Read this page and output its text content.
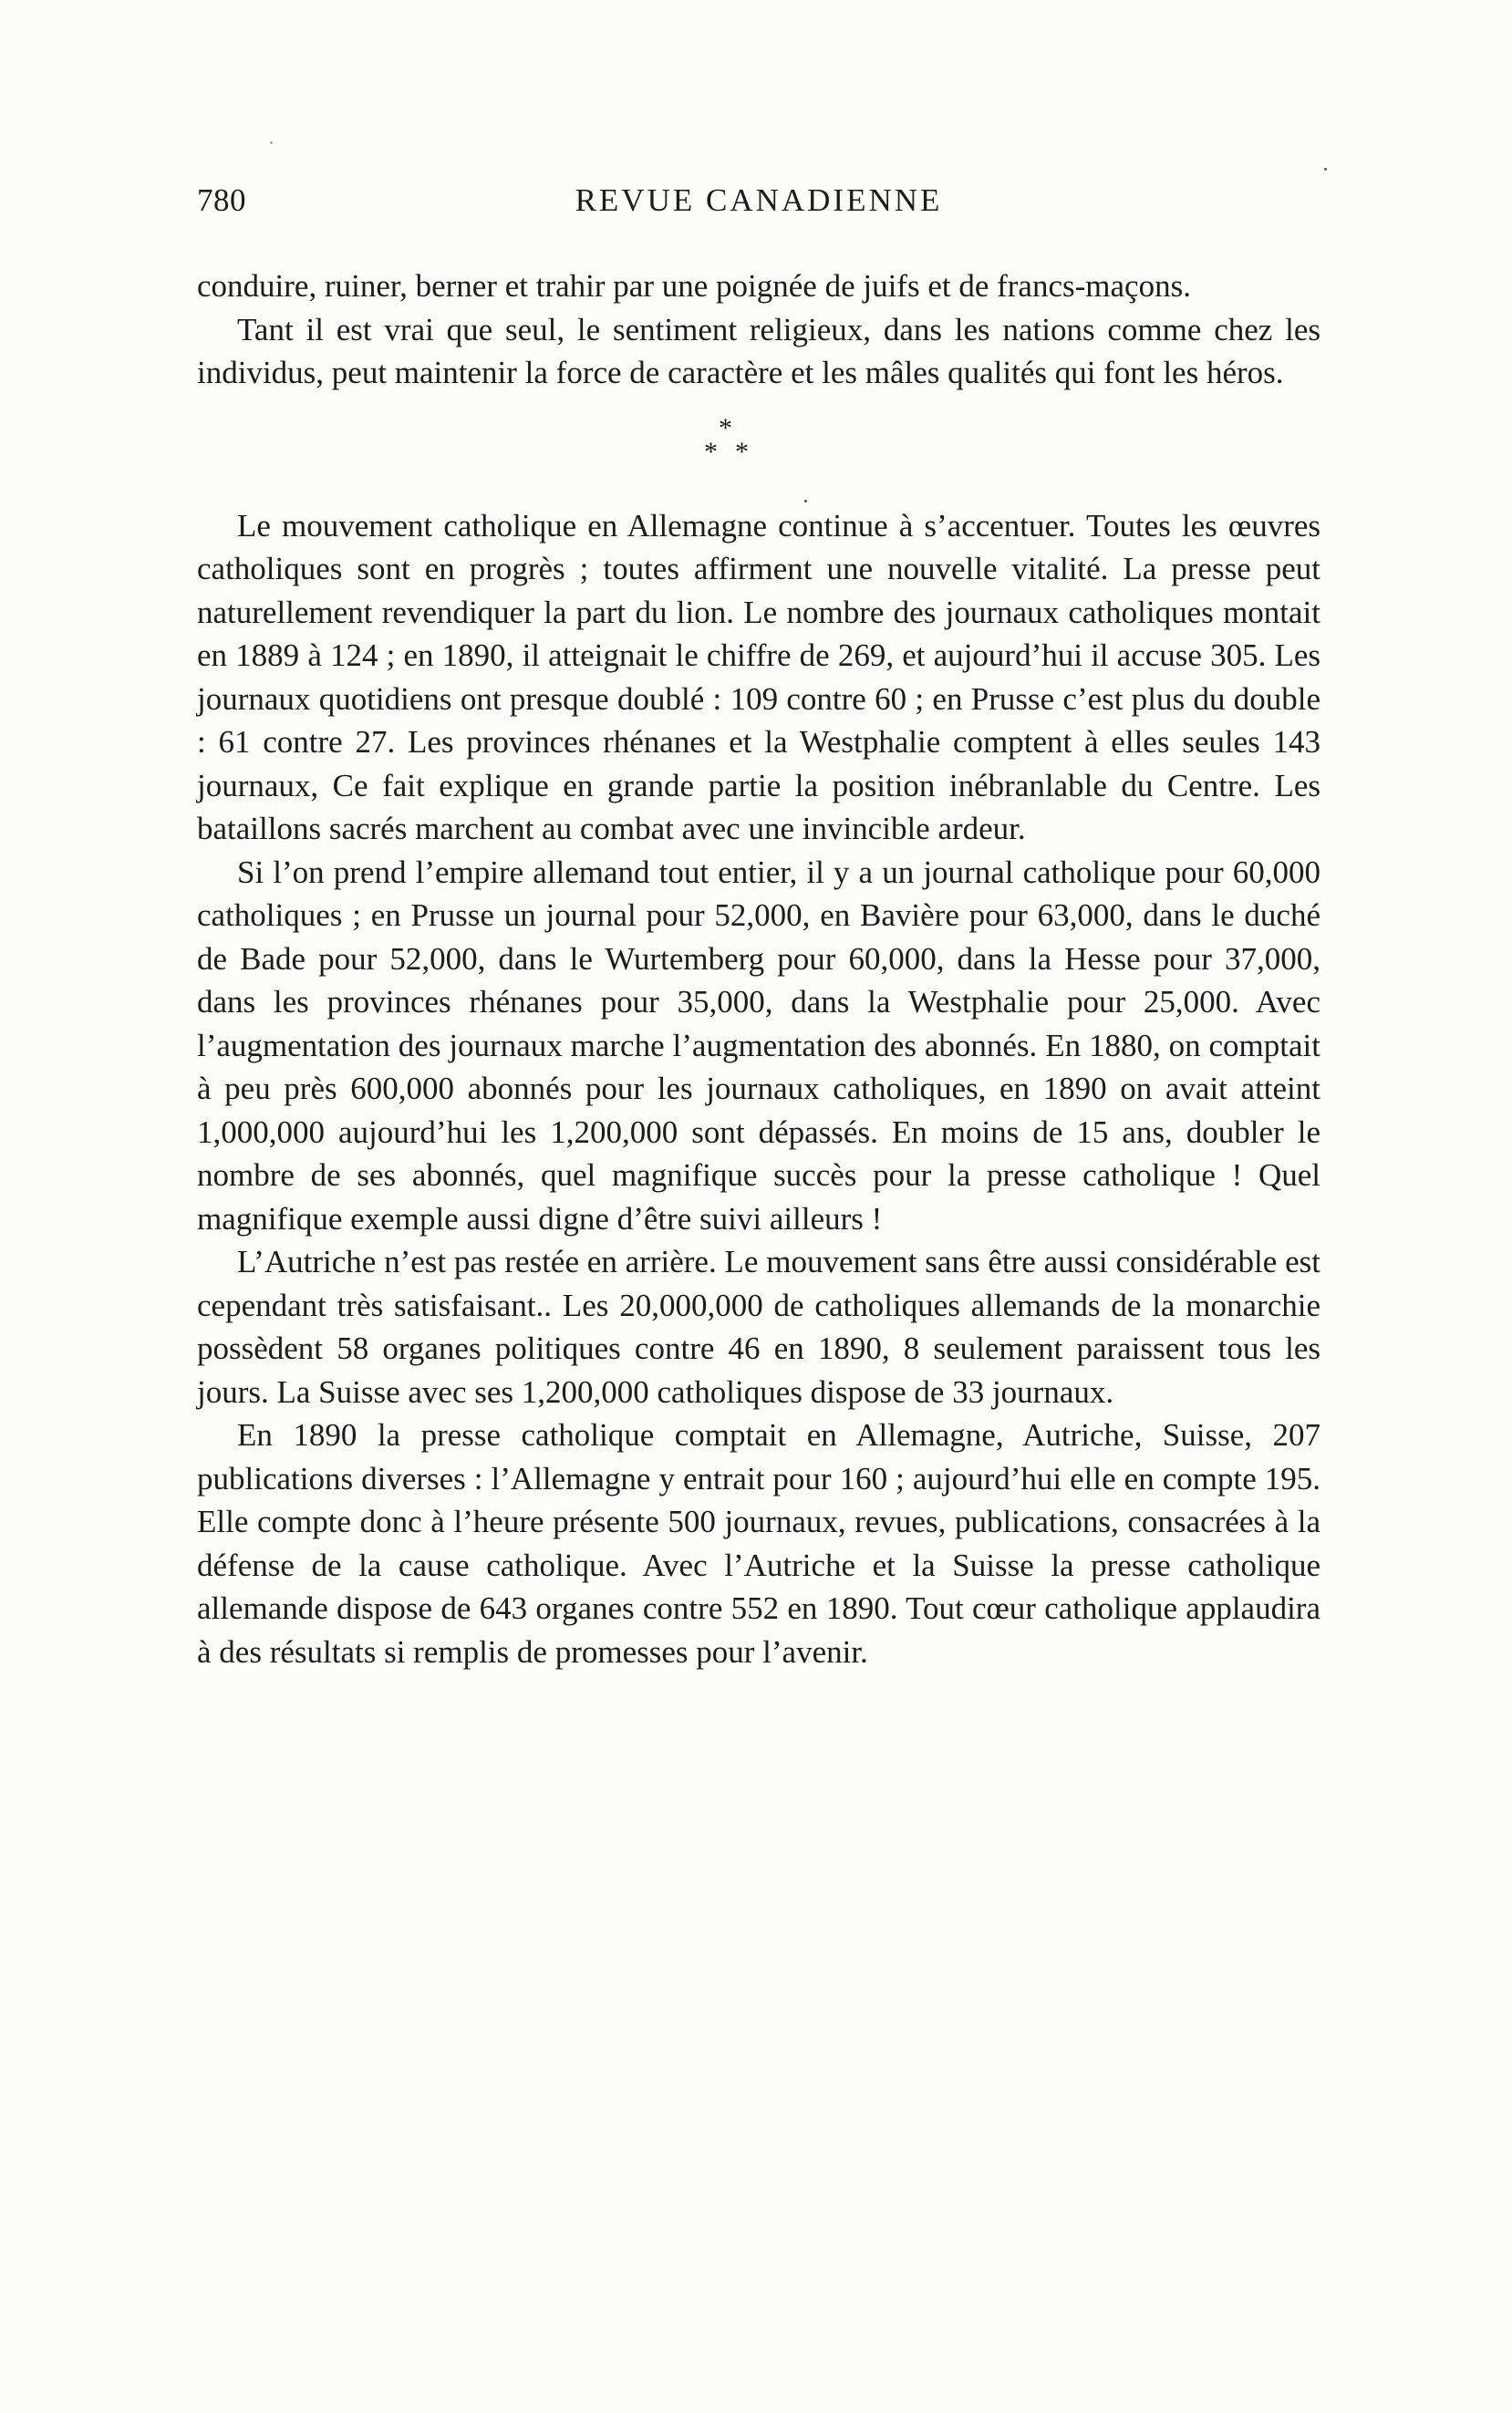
780	REVUE CANADIENNE

conduire, ruiner, berner et trahir par une poignée de juifs et de francs-maçons.

Tant il est vrai que seul, le sentiment religieux, dans les nations comme chez les individus, peut maintenir la force de caractère et les mâles qualités qui font les héros.

*
* *

Le mouvement catholique en Allemagne continue à s’accentuer. Toutes les œuvres catholiques sont en progrès ; toutes affirment une nouvelle vitalité. La presse peut naturellement revendiquer la part du lion. Le nombre des journaux catholiques montait en 1889 à 124 ; en 1890, il atteignait le chiffre de 269, et aujourd’hui il accuse 305. Les journaux quotidiens ont presque doublé : 109 contre 60 ; en Prusse c’est plus du double : 61 contre 27. Les provinces rhénanes et la Westphalie comptent à elles seules 143 journaux, Ce fait explique en grande partie la position inébranlable du Centre. Les bataillons sacrés marchent au combat avec une invincible ardeur.

Si l’on prend l’empire allemand tout entier, il y a un journal catholique pour 60,000 catholiques ; en Prusse un journal pour 52,000, en Bavière pour 63,000, dans le duché de Bade pour 52,000, dans le Wurtemberg pour 60,000, dans la Hesse pour 37,000, dans les provinces rhénanes pour 35,000, dans la Westphalie pour 25,000. Avec l’augmentation des journaux marche l’augmentation des abonnés. En 1880, on comptait à peu près 600,000 abonnés pour les journaux catholiques, en 1890 on avait atteint 1,000,000 aujourd’hui les 1,200,000 sont dépassés. En moins de 15 ans, doubler le nombre de ses abonnés, quel magnifique succès pour la presse catholique ! Quel magnifique exemple aussi digne d’être suivi ailleurs !

L’Autriche n’est pas restée en arrière. Le mouvement sans être aussi considérable est cependant très satisfaisant.. Les 20,000,000 de catholiques allemands de la monarchie possèdent 58 organes politiques contre 46 en 1890, 8 seulement paraissent tous les jours. La Suisse avec ses 1,200,000 catholiques dispose de 33 journaux.

En 1890 la presse catholique comptait en Allemagne, Autriche, Suisse, 207 publications diverses : l’Allemagne y entrait pour 160 ; aujourd’hui elle en compte 195. Elle compte donc à l’heure présente 500 journaux, revues, publications, consacrées à la défense de la cause catholique. Avec l’Autriche et la Suisse la presse catholique allemande dispose de 643 organes contre 552 en 1890. Tout cœur catholique applaudira à des résultats si remplis de promesses pour l’avenir.
